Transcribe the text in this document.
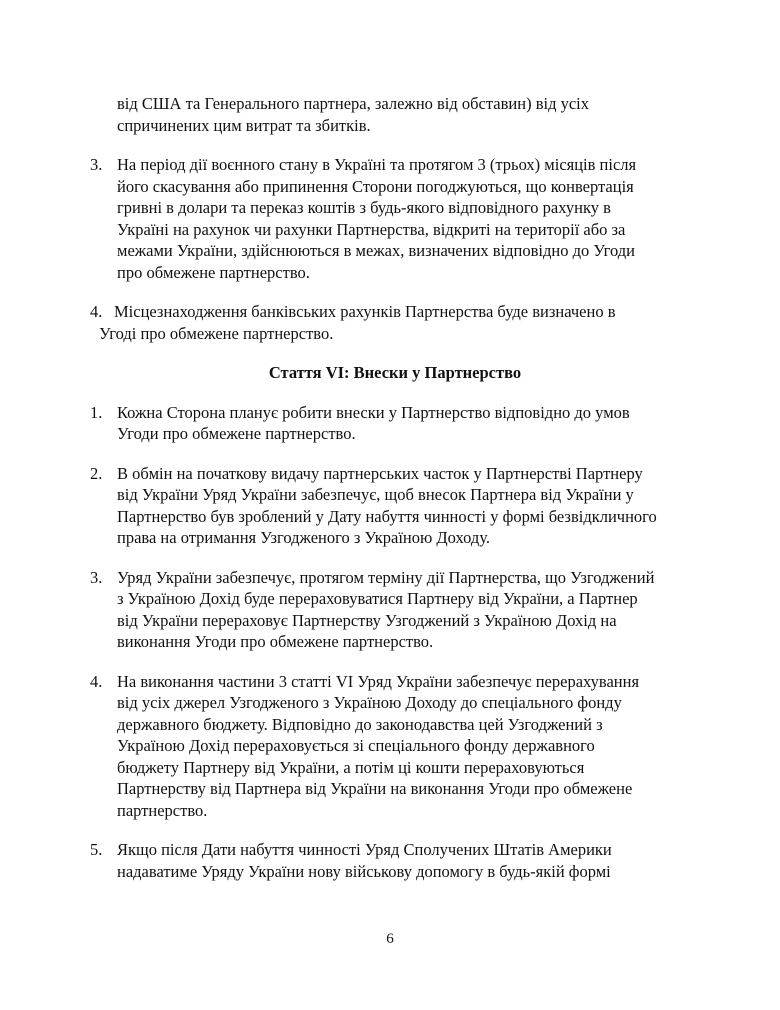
від США та Генерального партнера, залежно від обставин) від усіх
спричинених цим витрат та збитків.
3. На період дії воєнного стану в Україні та протягом 3 (трьох) місяців після
його скасування або припинення Сторони погоджуються, що конвертація
гривні в долари та переказ коштів з будь-якого відповідного рахунку в
Україні на рахунок чи рахунки Партнерства, відкриті на території або за
межами України, здійснюються в межах, визначених відповідно до Угоди
про обмежене партнерство.
4. Місцезнаходження банківських рахунків Партнерства буде визначено в
Угоді про обмежене партнерство.
Стаття VI: Внески у Партнерство
1. Кожна Сторона планує робити внески у Партнерство відповідно до умов
Угоди про обмежене партнерство.
2. В обмін на початкову видачу партнерських часток у Партнерстві Партнеру
від України Уряд України забезпечує, щоб внесок Партнера від України у
Партнерство був зроблений у Дату набуття чинності у формі безвідкличного
права на отримання Узгодженого з Україною Доходу.
3. Уряд України забезпечує, протягом терміну дії Партнерства, що Узгоджений
з Україною Дохід буде перераховуватися Партнеру від України, а Партнер
від України перераховує Партнерству Узгоджений з Україною Дохід на
виконання Угоди про обмежене партнерство.
4. На виконання частини 3 статті VI Уряд України забезпечує перерахування
від усіх джерел Узгодженого з Україною Доходу до спеціального фонду
державного бюджету. Відповідно до законодавства цей Узгоджений з
Україною Дохід перераховується зі спеціального фонду державного
бюджету Партнеру від України, а потім ці кошти перераховуються
Партнерству від Партнера від України на виконання Угоди про обмежене
партнерство.
5. Якщо після Дати набуття чинності Уряд Сполучених Штатів Америки
надаватиме Уряду України нову військову допомогу в будь-якій формі
6
